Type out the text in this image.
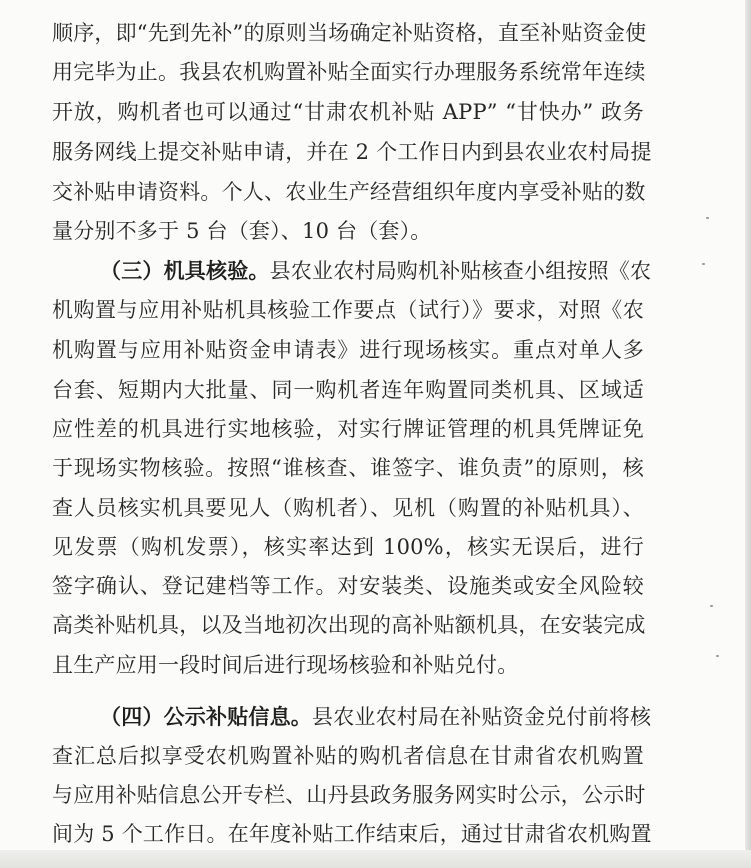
顺序，即“先到先补”的原则当场确定补贴资格，直至补贴资金使
用完毕为止。我县农机购置补贴全面实行办理服务系统常年连续
开放，购机者也可以通过“甘肃农机补贴 APP” “甘快办” 政务
服务网线上提交补贴申请，并在 2 个工作日内到县农业农村局提
交补贴申请资料。个人、农业生产经营组织年度内享受补贴的数
量分别不多于 5 台（套）、10 台（套）。
（三）机具核验。县农业农村局购机补贴核查小组按照《农
机购置与应用补贴机具核验工作要点（试行）》要求，对照《农
机购置与应用补贴资金申请表》进行现场核实。重点对单人多
台套、短期内大批量、同一购机者连年购置同类机具、区域适
应性差的机具进行实地核验，对实行牌证管理的机具凭牌证免
于现场实物核验。按照“谁核查、谁签字、谁负责”的原则，核
查人员核实机具要见人（购机者）、见机（购置的补贴机具）、
见发票（购机发票），核实率达到 100%，核实无误后，进行
签字确认、登记建档等工作。对安装类、设施类或安全风险较
高类补贴机具，以及当地初次出现的高补贴额机具，在安装完成
且生产应用一段时间后进行现场核验和补贴兑付。
（四）公示补贴信息。县农业农村局在补贴资金兑付前将核
查汇总后拟享受农机购置补贴的购机者信息在甘肃省农机购置
与应用补贴信息公开专栏、山丹县政务服务网实时公示，公示时
间为 5 个工作日。在年度补贴工作结束后，通过甘肃省农机购置
